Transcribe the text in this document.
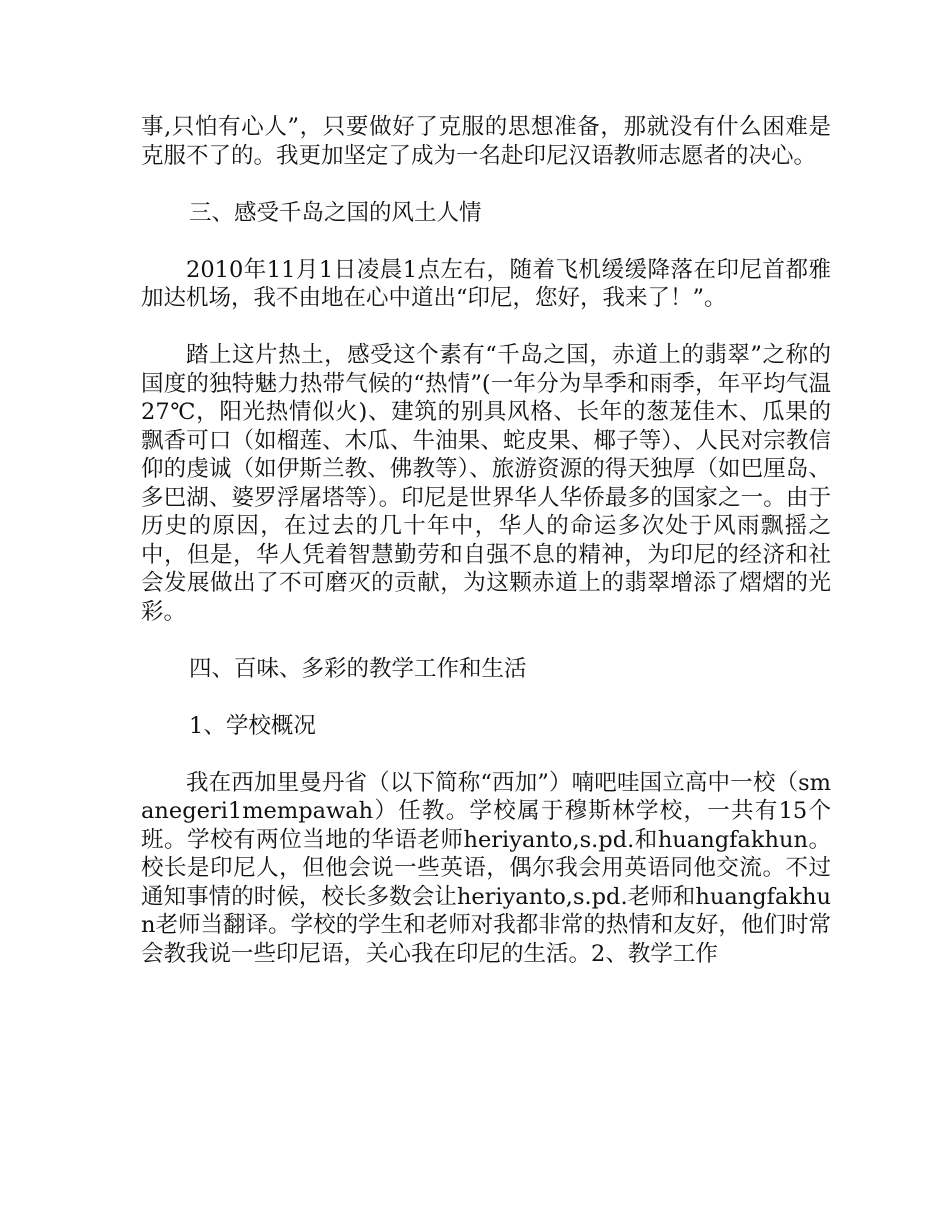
事,只怕有心人”，只要做好了克服的思想准备，那就没有什么困难是克服不了的。我更加坚定了成为一名赴印尼汉语教师志愿者的决心。

三、感受千岛之国的风土人情

2010年11月1日凌晨1点左右，随着飞机缓缓降落在印尼首都雅加达机场，我不由地在心中道出“印尼，您好，我来了！”。

踏上这片热土，感受这个素有“千岛之国，赤道上的翡翠”之称的国度的独特魅力热带气候的“热情”(一年分为旱季和雨季，年平均气温27℃，阳光热情似火)、建筑的别具风格、长年的葱茏佳木、瓜果的飘香可口（如榴莲、木瓜、牛油果、蛇皮果、椰子等）、人民对宗教信仰的虔诚（如伊斯兰教、佛教等）、旅游资源的得天独厚（如巴厘岛、多巴湖、婆罗浮屠塔等）。印尼是世界华人华侨最多的国家之一。由于历史的原因，在过去的几十年中，华人的命运多次处于风雨飘摇之中，但是，华人凭着智慧勤劳和自强不息的精神，为印尼的经济和社会发展做出了不可磨灭的贡献，为这颗赤道上的翡翠增添了熠熠的光彩。

四、百味、多彩的教学工作和生活

1、学校概况

我在西加里曼丹省（以下简称“西加”）喃吧哇国立高中一校（smanegeri1mempawah）任教。学校属于穆斯林学校，一共有15个班。学校有两位当地的华语老师heriyanto,s.pd.和huangfakhun。校长是印尼人，但他会说一些英语，偶尔我会用英语同他交流。不过通知事情的时候，校长多数会让heriyanto,s.pd.老师和huangfakhun老师当翻译。学校的学生和老师对我都非常的热情和友好，他们时常会教我说一些印尼语，关心我在印尼的生活。2、教学工作
